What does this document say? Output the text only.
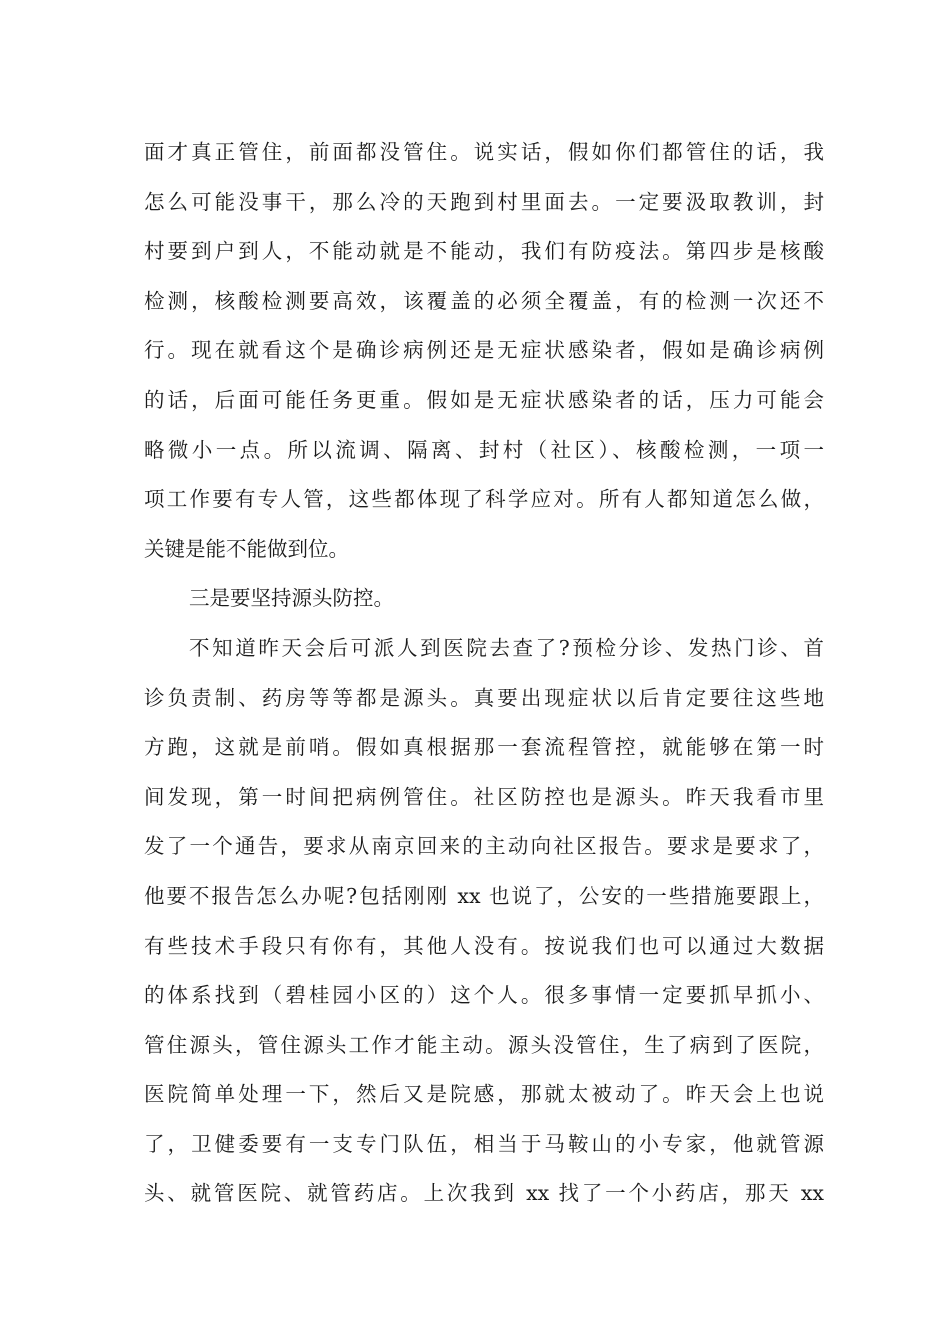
面才真正管住，前面都没管住。说实话，假如你们都管住的话，我
怎么可能没事干，那么冷的天跑到村里面去。一定要汲取教训，封
村要到户到人，不能动就是不能动，我们有防疫法。第四步是核酸
检测，核酸检测要高效，该覆盖的必须全覆盖，有的检测一次还不
行。现在就看这个是确诊病例还是无症状感染者，假如是确诊病例
的话，后面可能任务更重。假如是无症状感染者的话，压力可能会
略微小一点。所以流调、隔离、封村（社区）、核酸检测，一项一
项工作要有专人管，这些都体现了科学应对。所有人都知道怎么做，
关键是能不能做到位。
三是要坚持源头防控。
不知道昨天会后可派人到医院去查了?预检分诊、发热门诊、首
诊负责制、药房等等都是源头。真要出现症状以后肯定要往这些地
方跑，这就是前哨。假如真根据那一套流程管控，就能够在第一时
间发现，第一时间把病例管住。社区防控也是源头。昨天我看市里
发了一个通告，要求从南京回来的主动向社区报告。要求是要求了，
他要不报告怎么办呢?包括刚刚 xx 也说了，公安的一些措施要跟上，
有些技术手段只有你有，其他人没有。按说我们也可以通过大数据
的体系找到（碧桂园小区的）这个人。很多事情一定要抓早抓小、
管住源头，管住源头工作才能主动。源头没管住，生了病到了医院，
医院简单处理一下，然后又是院感，那就太被动了。昨天会上也说
了，卫健委要有一支专门队伍，相当于马鞍山的小专家，他就管源
头、就管医院、就管药店。上次我到 xx 找了一个小药店，那天 xx
